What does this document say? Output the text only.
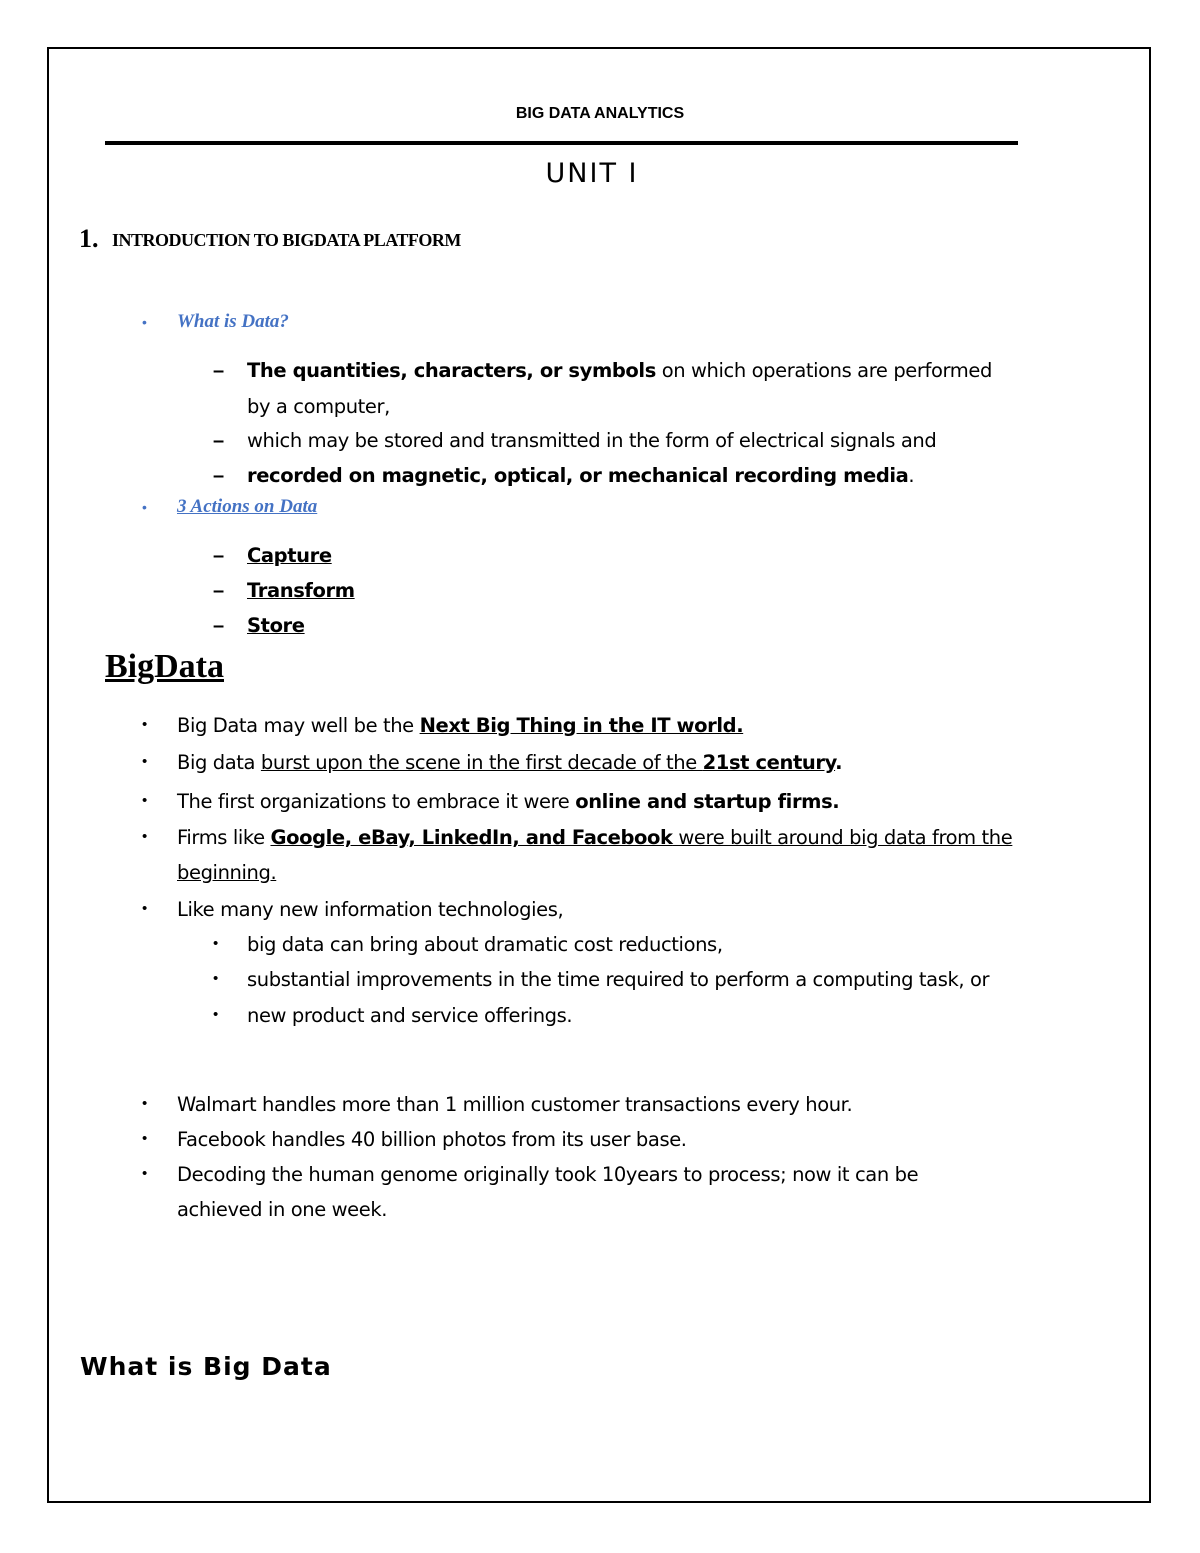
BIG DATA ANALYTICS
UNIT I
1. INTRODUCTION TO BIGDATA PLATFORM
• What is Data?
– The quantities, characters, or symbols on which operations are performed
by a computer,
– which may be stored and transmitted in the form of electrical signals and
– recorded on magnetic, optical, or mechanical recording media.
• 3 Actions on Data
– Capture
– Transform
– Store
BigData
• Big Data may well be the Next Big Thing in the IT world.
• Big data burst upon the scene in the first decade of the 21st century.
• The first organizations to embrace it were online and startup firms.
• Firms like Google, eBay, LinkedIn, and Facebook were built around big data from the
beginning.
• Like many new information technologies,
• big data can bring about dramatic cost reductions,
• substantial improvements in the time required to perform a computing task, or
• new product and service offerings.
• Walmart handles more than 1 million customer transactions every hour.
• Facebook handles 40 billion photos from its user base.
• Decoding the human genome originally took 10years to process; now it can be
achieved in one week.
What is Big Data
